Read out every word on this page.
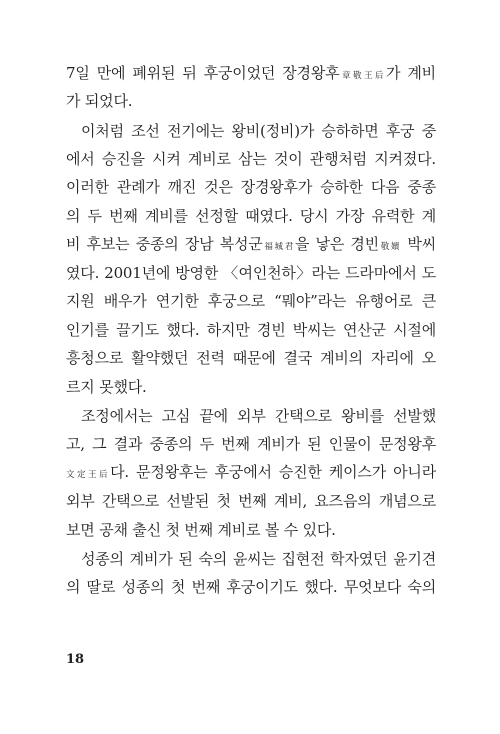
7일 만에 폐위된 뒤 후궁이었던 장경왕후章敬王后가 계비
가 되었다.
이처럼 조선 전기에는 왕비(정비)가 승하하면 후궁 중
에서 승진을 시켜 계비로 삼는 것이 관행처럼 지켜졌다.
이러한 관례가 깨진 것은 장경왕후가 승하한 다음 중종
의 두 번째 계비를 선정할 때였다. 당시 가장 유력한 계
비 후보는 중종의 장남 복성군福城君을 낳은 경빈敬嬪 박씨
였다. 2001년에 방영한 〈여인천하〉라는 드라마에서 도
지원 배우가 연기한 후궁으로 “뭬야”라는 유행어로 큰
인기를 끌기도 했다. 하지만 경빈 박씨는 연산군 시절에
흥청으로 활약했던 전력 때문에 결국 계비의 자리에 오
르지 못했다.
조정에서는 고심 끝에 외부 간택으로 왕비를 선발했
고, 그 결과 중종의 두 번째 계비가 된 인물이 문정왕후
文定王后다. 문정왕후는 후궁에서 승진한 케이스가 아니라
외부 간택으로 선발된 첫 번째 계비, 요즈음의 개념으로
보면 공채 출신 첫 번째 계비로 볼 수 있다.
성종의 계비가 된 숙의 윤씨는 집현전 학자였던 윤기견
의 딸로 성종의 첫 번째 후궁이기도 했다. 무엇보다 숙의
18
